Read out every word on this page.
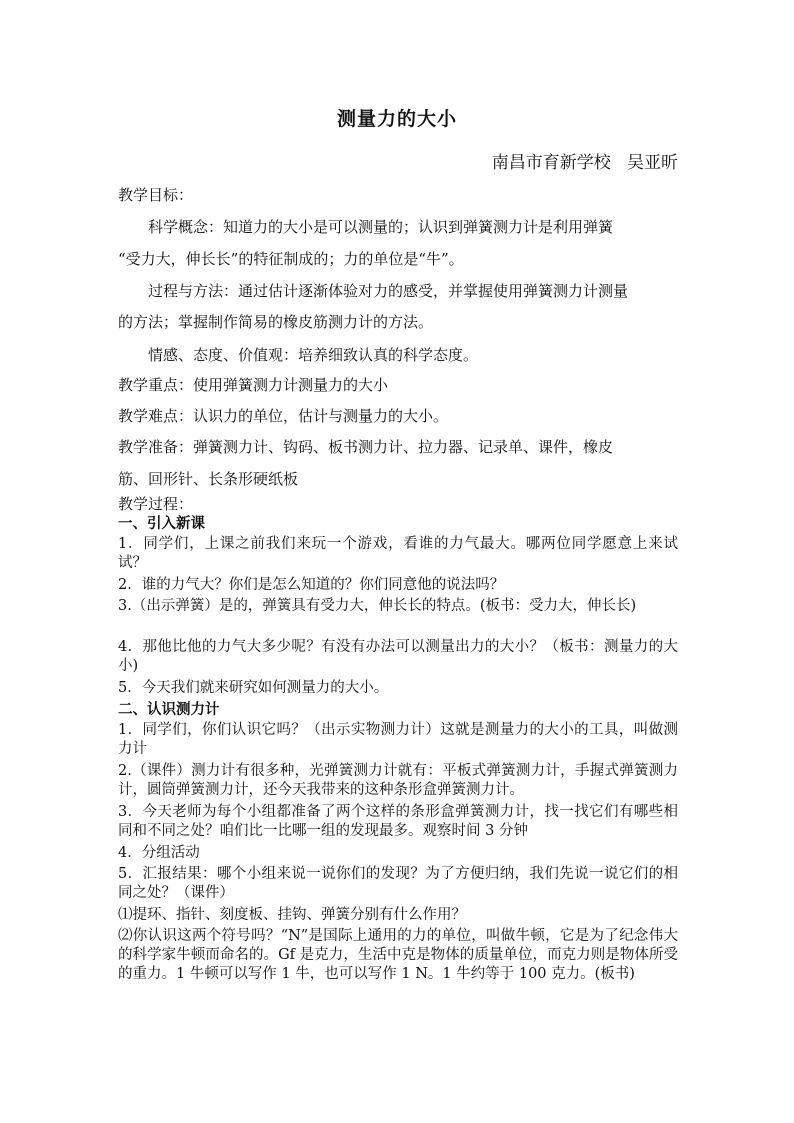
测量力的大小
南昌市育新学校   吴亚昕
教学目标：
科学概念：知道力的大小是可以测量的；认识到弹簧测力计是利用弹簧
“受力大，伸长长”的特征制成的；力的单位是“牛”。
过程与方法：通过估计逐渐体验对力的感受，并掌握使用弹簧测力计测量
的方法；掌握制作简易的橡皮筋测力计的方法。
情感、态度、价值观：培养细致认真的科学态度。
教学重点：使用弹簧测力计测量力的大小
教学难点：认识力的单位，估计与测量力的大小。
教学准备：弹簧测力计、钩码、板书测力计、拉力器、记录单、课件，橡皮
筋、回形针、长条形硬纸板
教学过程：
一、引入新课
1．同学们，上课之前我们来玩一个游戏，看谁的力气最大。哪两位同学愿意上来试试？
2．谁的力气大？你们是怎么知道的？你们同意他的说法吗？
3.（出示弹簧）是的，弹簧具有受力大，伸长长的特点。(板书：受力大，伸长长)
4．那他比他的力气大多少呢？有没有办法可以测量出力的大小？（板书：测量力的大小)
5．今天我们就来研究如何测量力的大小。
二、认识测力计
1．同学们，你们认识它吗？（出示实物测力计）这就是测量力的大小的工具，叫做测力计
2.（课件）测力计有很多种，光弹簧测力计就有：平板式弹簧测力计，手握式弹簧测力计，圆筒弹簧测力计，还今天我带来的这种条形盒弹簧测力计。
3．今天老师为每个小组都准备了两个这样的条形盒弹簧测力计，找一找它们有哪些相同和不同之处？咱们比一比哪一组的发现最多。观察时间 3 分钟
4．分组活动
5．汇报结果：哪个小组来说一说你们的发现？为了方便归纳，我们先说一说它们的相同之处？（课件）
⑴提环、指针、刻度板、挂钩、弹簧分别有什么作用？
⑵你认识这两个符号吗？“N”是国际上通用的力的单位，叫做牛顿，它是为了纪念伟大的科学家牛顿而命名的。Gf 是克力，生活中克是物体的质量单位，而克力则是物体所受的重力。1 牛顿可以写作 1 牛，也可以写作 1 N。1 牛约等于 100 克力。(板书)
